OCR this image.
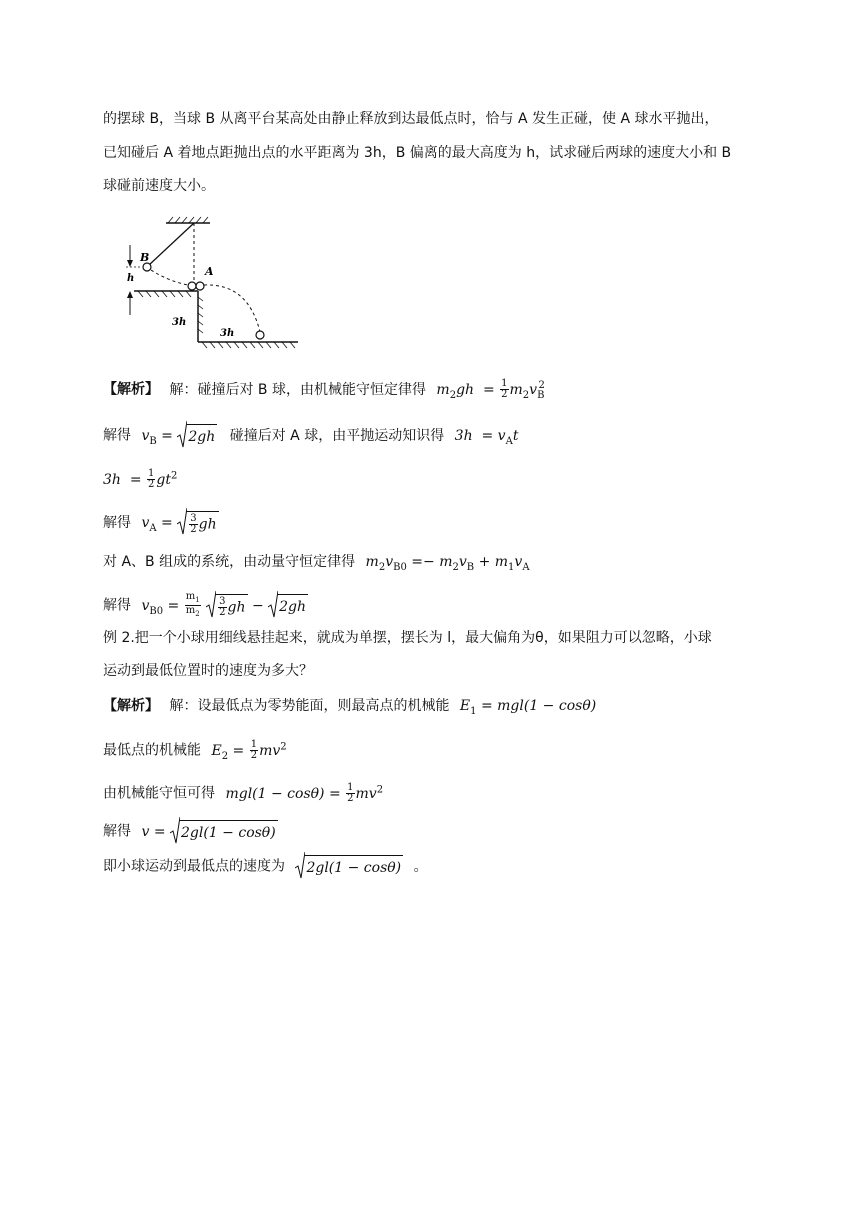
的摆球 B，当球 B 从离平台某高处由静止释放到达最低点时，恰与 A 发生正碰，使 A 球水平抛出，
已知碰后 A 着地点距抛出点的水平距离为 3h，B 偏离的最大高度为 h，试求碰后两球的速度大小和 B
球碰前速度大小。
B
A
h
3h
3h
【解析】 解：碰撞后对 B 球，由机械能守恒定律得 $m_2gh = \frac{1}{2} m_2v_B^2$
解得 $v_B$ =
2gh 碰撞后对 A 球，由平抛运动知识得 $3h = v_At$
$3h = \frac{1}{2} gt^2$
解得 $v_A = \frac{3}{2}$ gh
对 A、B 组成的系统，由动量守恒定律得 $m_2v_{B0} =- m_2v_B + m_1v_A$
解得 $v_{B0} = \frac{m_1}{m_2}$
$\frac{3}{2}$ gh −
2gh
例 2.把一个小球用细线悬挂起来，就成为单摆，摆长为 l，最大偏角为θ，如果阻力可以忽略，小球
运动到最低位置时的速度为多大？
【解析】 解：设最低点为零势能面，则最高点的机械能 $E_1 = mgl(1 - \cos\theta)$
最低点的机械能 $E_2 = \frac{1}{2} mv^2$
由机械能守恒可得 $mgl(1 - \cos\theta) = \frac{1}{2} mv^2$
解得 v =
2gl(1 − cosθ)
即小球运动到最低点的速度为 2gl(1 − cosθ) 。
